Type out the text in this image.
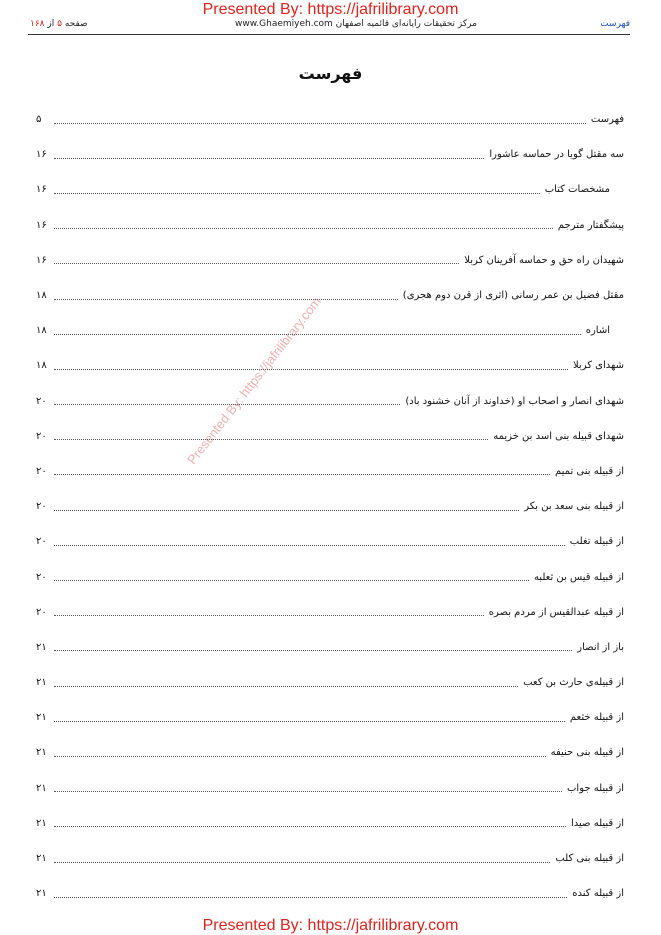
Presented By: https://jafrilibrary.com
فهرست
مرکز تحقیقات رایانه‌ای قائمیه اصفهان www.Ghaemiyeh.com
صفحه ۵ از ۱۶۸
فهرست
Presented By: https://jafrilibrary.com
فهرست
۵
سه مقتل گویا در حماسه عاشورا
۱۶
مشخصات کتاب
۱۶
پیشگفتار مترجم
۱۶
شهیدان راه حق و حماسه آفرینان کربلا
۱۶
مقتل فضیل بن عمر رسانی (اثری از قرن دوم هجری)
۱۸
اشاره
۱۸
شهدای کربلا
۱۸
شهدای انصار و اصحاب او (خداوند از آنان خشنود باد)
۲۰
شهدای قبیله بنی اسد بن خزیمه
۲۰
از قبیله بنی تمیم
۲۰
از قبیله بنی سعد بن بکر
۲۰
از قبیله تغلب
۲۰
از قبیله قیس بن ثعلبه
۲۰
از قبیله عبدالقیس از مردم بصره
۲۰
باز از انصار
۲۱
از قبیله‌ی حارث بن کعب
۲۱
از قبیله خثعم
۲۱
از قبیله بنی حنیفه
۲۱
از قبیله جواب
۲۱
از قبیله صیدا
۲۱
از قبیله بنی کلب
۲۱
از قبیله کنده
۲۱
Presented By: https://jafrilibrary.com
